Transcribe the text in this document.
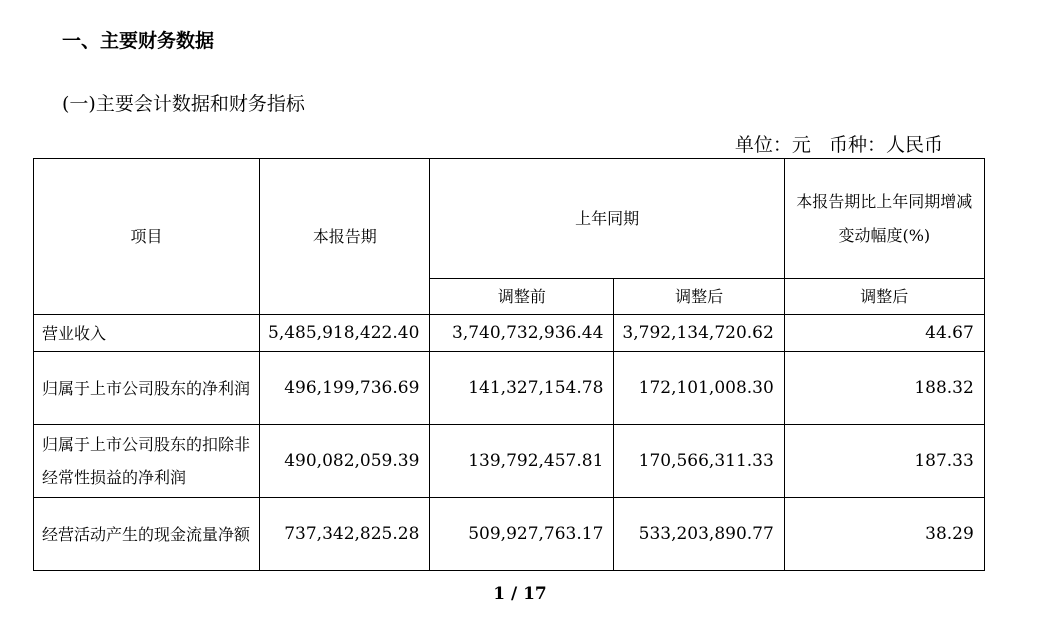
一、主要财务数据
(一)主要会计数据和财务指标
单位：元   币种：人民币
项目	本报告期	上年同期		本报告期比上年同期增减变动幅度(%)
		调整前	调整后	调整后
营业收入	5,485,918,422.40	3,740,732,936.44	3,792,134,720.62	44.67
归属于上市公司股东的净利润	496,199,736.69	141,327,154.78	172,101,008.30	188.32
归属于上市公司股东的扣除非经常性损益的净利润	490,082,059.39	139,792,457.81	170,566,311.33	187.33
经营活动产生的现金流量净额	737,342,825.28	509,927,763.17	533,203,890.77	38.29
1 / 17
